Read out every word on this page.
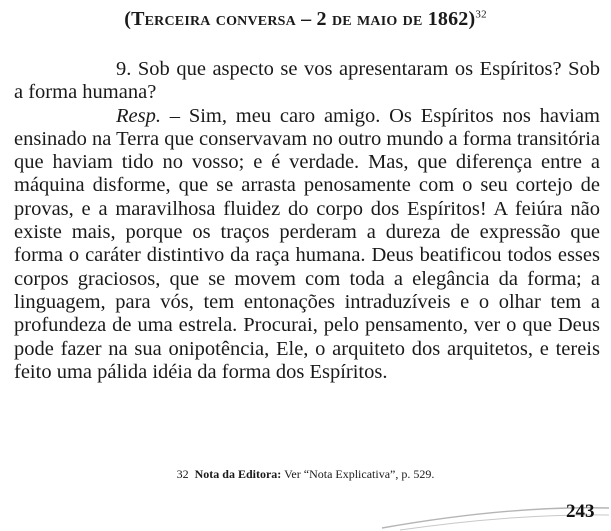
(Terceira conversa – 2 de maio de 1862)$^{32}$

9. Sob que aspecto se vos apresentaram os Espíritos? Sob a forma humana?

Resp. – Sim, meu caro amigo. Os Espíritos nos haviam ensinado na Terra que conservavam no outro mundo a forma transitória que haviam tido no vosso; e é verdade. Mas, que diferença entre a máquina disforme, que se arrasta penosamente com o seu cortejo de provas, e a maravilhosa fluidez do corpo dos Espíritos! A feiúra não existe mais, porque os traços perderam a dureza de expressão que forma o caráter distintivo da raça humana. Deus beatificou todos esses corpos graciosos, que se movem com toda a elegância da forma; a linguagem, para vós, tem entonações intraduzíveis e o olhar tem a profundeza de uma estrela. Procurai, pelo pensamento, ver o que Deus pode fazer na sua onipotência, Ele, o arquiteto dos arquitetos, e tereis feito uma pálida idéia da forma dos Espíritos.

32 Nota da Editora: Ver “Nota Explicativa”, p. 529.
243
